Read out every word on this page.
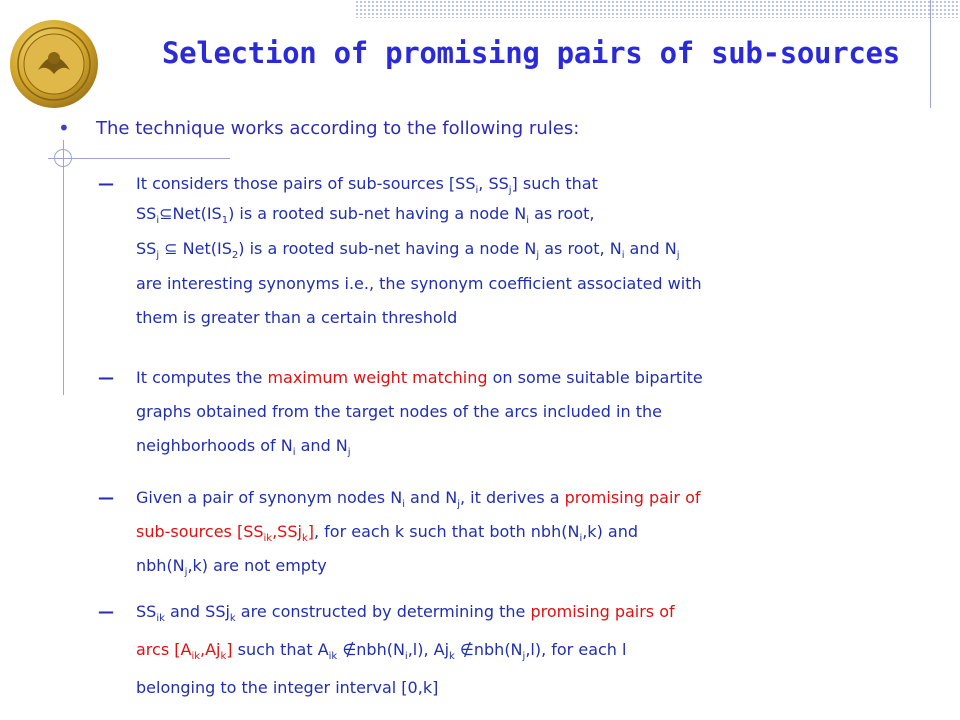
Selection of promising pairs of sub-sources
• The technique works according to the following rules:
— It considers those pairs of sub-sources [$SS_i$, $SS_j$] such that
$SS_i⊆Net(IS_1)$ is a rooted sub-net having a node $N_i$ as root,
$SS_j$ ⊆ $Net(IS_2)$ is a rooted sub-net having a node $N_j$ as root, $N_i$ and $N_j$
are interesting synonyms i.e., the synonym coefficient associated with
them is greater than a certain threshold
— It computes the maximum weight matching on some suitable bipartite
graphs obtained from the target nodes of the arcs included in the
neighborhoods of $N_i$ and $N_j$
— Given a pair of synonym nodes $N_i$ and $N_j$, it derives a promising pair of
sub-sources $[SS_{ik},SSj_k]$, for each k such that both $nbh(N_i,k)$ and
$nbh(N_j,k)$ are not empty
— $SS_{ik}$ and SSj$_k$ are constructed by determining the promising pairs of
arcs $[A_{ik},Aj_k]$ such that $A_{ik}$ $\notin nbh(N_i,l)$, $Aj_k$ $\notin nbh(N_j,l)$, for each l
belonging to the integer interval [0,k]
